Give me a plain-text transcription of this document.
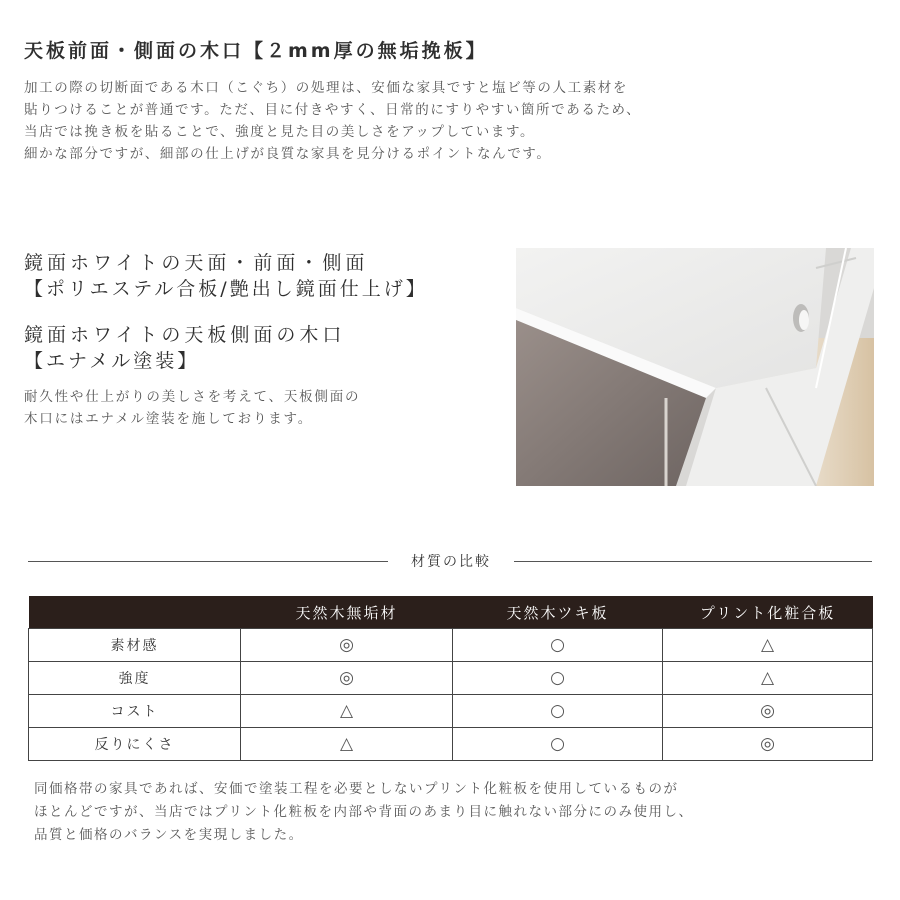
天板前面・側面の木口【２mm厚の無垢挽板】
加工の際の切断面である木口（こぐち）の処理は、安価な家具ですと塩ビ等の人工素材を
貼りつけることが普通です。ただ、目に付きやすく、日常的にすりやすい箇所であるため、
当店では挽き板を貼ることで、強度と見た目の美しさをアップしています。
細かな部分ですが、細部の仕上げが良質な家具を見分けるポイントなんです。
鏡面ホワイトの天面・前面・側面
【ポリエステル合板/艶出し鏡面仕上げ】
鏡面ホワイトの天板側面の木口
【エナメル塗装】
耐久性や仕上がりの美しさを考えて、天板側面の
木口にはエナメル塗装を施しております。
材質の比較
	天然木無垢材	天然木ツキ板	プリント化粧合板
素材感	◎	○	△
強度	◎	○	△
コスト	△	○	◎
反りにくさ	△	○	◎
同価格帯の家具であれば、安価で塗装工程を必要としないプリント化粧板を使用しているものが
ほとんどですが、当店ではプリント化粧板を内部や背面のあまり目に触れない部分にのみ使用し、
品質と価格のバランスを実現しました。
